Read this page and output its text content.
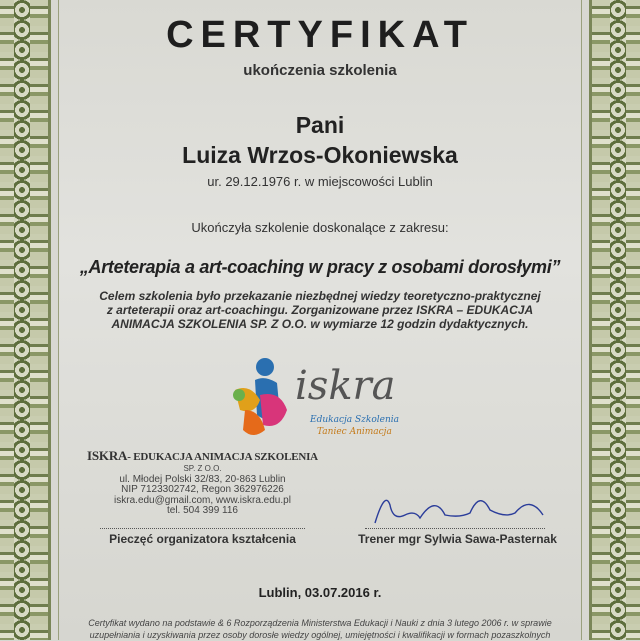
CERTYFIKAT
ukończenia szkolenia
Pani
Luiza Wrzos-Okoniewska
ur. 29.12.1976 r. w miejscowości Lublin
Ukończyła szkolenie doskonalące z zakresu:
„Arteterapia a art-coaching w pracy z osobami dorosłymi”
Celem szkolenia było przekazanie niezbędnej wiedzy teoretyczno-praktycznej
z arteterapii oraz art-coachingu. Zorganizowane przez ISKRA – EDUKACJA
ANIMACJA SZKOLENIA SP. Z O.O. w wymiarze 12 godzin dydaktycznych.
iskra
Edukacja Szkolenia
Taniec Animacja
ISKRA- EDUKACJA ANIMACJA SZKOLENIA
SP. Z O.O.
ul. Młodej Polski 32/83, 20-863 Lublin
NIP 7123302742, Regon 362976226
iskra.edu@gmail.com, www.iskra.edu.pl
tel. 504 399 116
Pieczęć organizatora kształcenia	Trener mgr Sylwia Sawa-Pasternak
Lublin, 03.07.2016 r.
Certyfikat wydano na podstawie & 6 Rozporządzenia Ministerstwa Edukacji i Nauki z dnia 3 lutego 2006 r. w sprawie
uzupełniania i uzyskiwania przez osoby dorosłe wiedzy ogólnej, umiejętności i kwalifikacji w formach pozaszkolnych
